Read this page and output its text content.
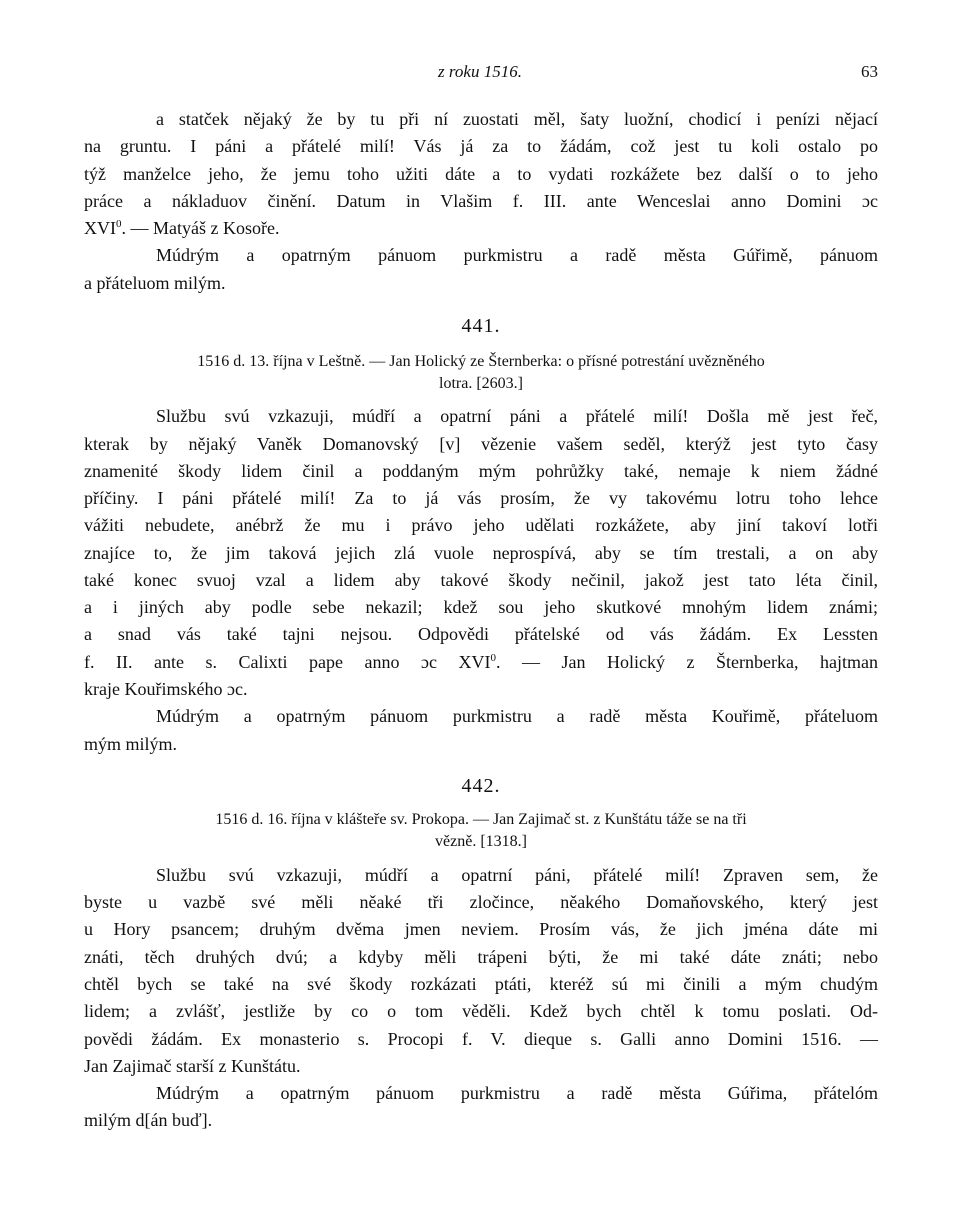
z roku 1516.	63
a statček nějaký že by tu při ní zuostati měl, šaty luožní, chodicí i penízi nějací
na gruntu. I páni a přátelé milí! Vás já za to žádám, což jest tu koli ostalo po
týž manželce jeho, že jemu toho užiti dáte a to vydati rozkážete bez další o to jeho
práce a nákladuov činění. Datum in Vlašim f. III. ante Wenceslai anno Domini ɔc
XVI$^0$. — Matyáš z Kosoře.
Múdrým a opatrným pánuom purkmistru a radě města Gúřimě, pánuom
a přáteluom milým.
441.
1516 d. 13. října v Leštně. — Jan Holický ze Šternberka: o přísné potrestání uvězněného
lotra. [2603.]
Službu svú vzkazuji, múdří a opatrní páni a přátelé milí! Došla mě jest řeč,
kterak by nějaký Vaněk Domanovský [v] vězenie vašem seděl, kterýž jest tyto časy
znamenité škody lidem činil a poddaným mým pohrůžky také, nemaje k niem žádné
příčiny. I páni přátelé milí! Za to já vás prosím, že vy takovému lotru toho lehce
vážiti nebudete, anébrž že mu i právo jeho udělati rozkážete, aby jiní takoví lotři
znajíce to, že jim taková jejich zlá vuole neprospívá, aby se tím trestali, a on aby
také konec svuoj vzal a lidem aby takové škody nečinil, jakož jest tato léta činil,
a i jiných aby podle sebe nekazil; kdež sou jeho skutkové mnohým lidem známi;
a snad vás také tajni nejsou. Odpovědi přátelské od vás žádám. Ex Lessten
f. II. ante s. Calixti pape anno ɔc XVI$^0$. — Jan Holický z Šternberka, hajtman
kraje Kouřimského ɔc.
Múdrým a opatrným pánuom purkmistru a radě města Kouřimě, přáteluom
mým milým.
442.
1516 d. 16. října v klášteře sv. Prokopa. — Jan Zajimač st. z Kunštátu táže se na tři
vězně. [1318.]
Službu svú vzkazuji, múdří a opatrní páni, přátelé milí! Zpraven sem, že
byste u vazbě své měli něaké tři zločince, něakého Domaňovského, který jest
u Hory psancem; druhým dvěma jmen neviem. Prosím vás, že jich jména dáte mi
znáti, těch druhých dvú; a kdyby měli trápeni býti, že mi také dáte znáti; nebo
chtěl bych se také na své škody rozkázati ptáti, kteréž sú mi činili a mým chudým
lidem; a zvlášť, jestliže by co o tom věděli. Kdež bych chtěl k tomu poslati. Od-
povědi žádám. Ex monasterio s. Procopi f. V. dieque s. Galli anno Domini 1516. —
Jan Zajimač starší z Kunštátu.
Múdrým a opatrným pánuom purkmistru a radě města Gúřima, přátelóm
milým d[án buď].
